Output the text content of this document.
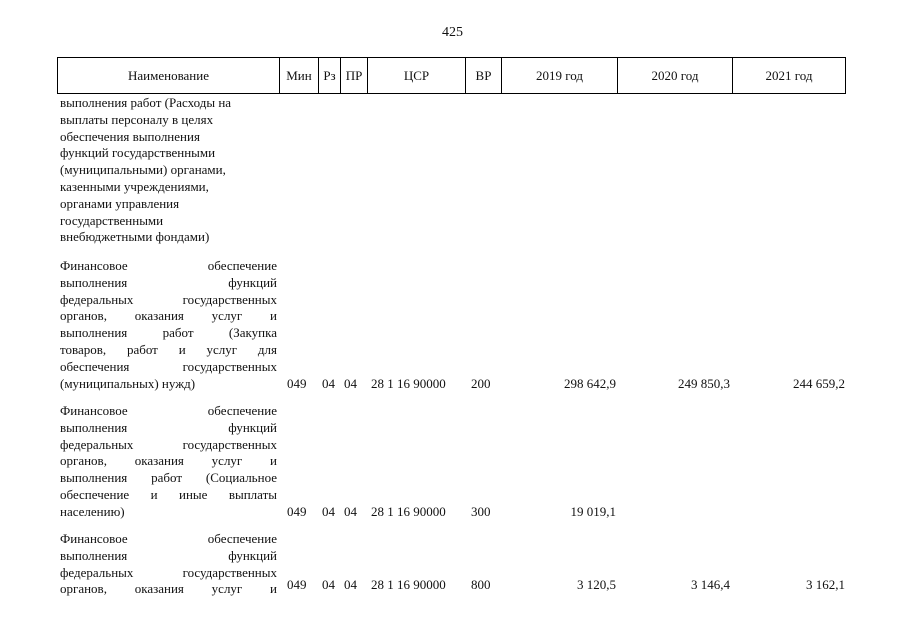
425
Наименование	Мин Рз ПР	ЦСР	ВР	2019 год	2020 год	2021 год
выполнения работ (Расходы на
выплаты персоналу в целях
обеспечения выполнения
функций государственными
(муниципальными) органами,
казенными учреждениями,
органами управления
государственными
внебюджетными фондами)
Финансовое обеспечение
выполнения функций
федеральных государственных
органов, оказания услуг и
выполнения работ (Закупка
товаров, работ и услуг для
обеспечения государственных
(муниципальных) нужд)	049 04 04 28 1 16 90000 200	298 642,9	249 850,3	244 659,2
Финансовое обеспечение
выполнения функций
федеральных государственных
органов, оказания услуг и
выполнения работ (Социальное
обеспечение и иные выплаты
населению)	049 04 04 28 1 16 90000 300	19 019,1
Финансовое обеспечение
выполнения функций
федеральных государственных
органов, оказания услуг и 049 04 04 28 1 16 90000 800	3 120,5	3 146,4	3 162,1
